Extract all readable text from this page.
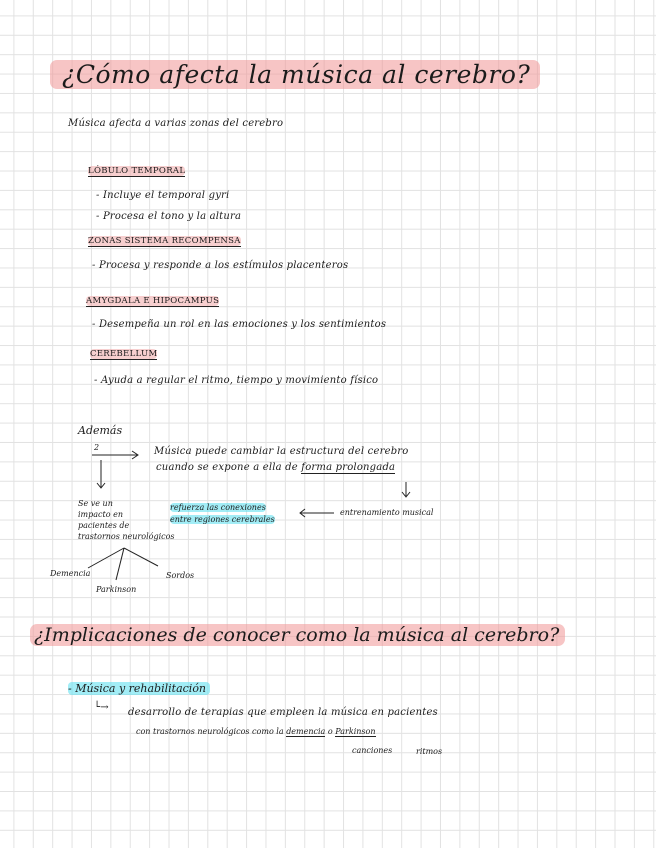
¿Cómo afecta la música al cerebro?
Música afecta a varias zonas del cerebro
LÓBULO TEMPORAL
- Incluye el temporal gyri
- Procesa el tono y la altura
ZONAS SISTEMA RECOMPENSA
- Procesa y responde a los estímulos placenteros
AMYGDALA E HIPOCAMPUS
- Desempeña un rol en las emociones y los sentimientos
CEREBELLUM
- Ayuda a regular el ritmo, tiempo y movimiento físico
Además
2	Música puede cambiar la estructura del cerebro
cuando se expone a ella de forma prolongada
Se ve un
impacto en
pacientes de
trastornos neurológicos
refuerza las conexiones
entre regiones cerebrales
entrenamiento musical
Demencia
Parkinson
Sordos
¿Implicaciones de conocer como la música al cerebro?
- Música y rehabilitación
└→ desarrollo de terapias que empleen la música en pacientes
con trastornos neurológicos como la demencia o Parkinson
canciones	ritmos
